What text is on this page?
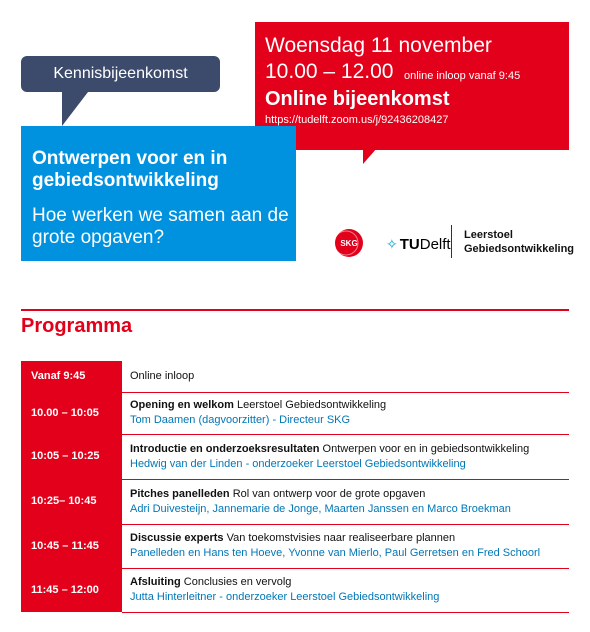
Woensdag 11 november
10.00 – 12.00 online inloop vanaf 9:45
Online bijeenkomst
https://tudelft.zoom.us/j/92436208427
Ontwerpen voor en in gebiedsontwikkeling
Hoe werken we samen aan de grote opgaven?
Kennisbijeenkomst
SKG ✧ TUDelft
Leerstoel
Gebiedsontwikkeling
Programma
Vanaf 9:45	Online inloop
10.00 – 10:05
Opening en welkom Leerstoel Gebiedsontwikkeling
Tom Daamen (dagvoorzitter) - Directeur SKG
10:05 – 10:25
Introductie en onderzoeksresultaten Ontwerpen voor en in gebiedsontwikkeling
Hedwig van der Linden - onderzoeker Leerstoel Gebiedsontwikkeling
10:25– 10:45
Pitches panelleden Rol van ontwerp voor de grote opgaven
Adri Duivesteijn, Jannemarie de Jonge, Maarten Janssen en Marco Broekman
10:45 – 11:45
Discussie experts Van toekomstvisies naar realiseerbare plannen
Panelleden en Hans ten Hoeve, Yvonne van Mierlo, Paul Gerretsen en Fred Schoorl
11:45 – 12:00
Afsluiting Conclusies en vervolg
Jutta Hinterleitner - onderzoeker Leerstoel Gebiedsontwikkeling
